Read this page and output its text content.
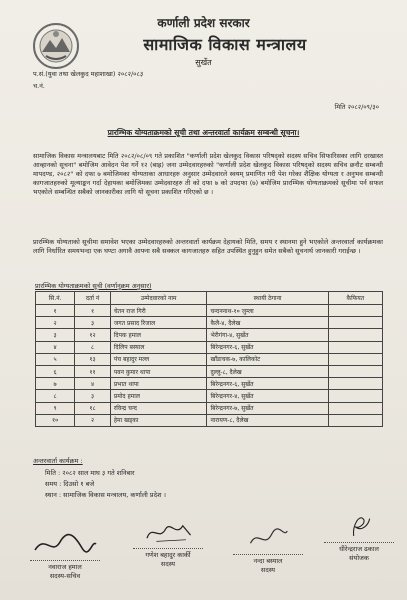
कर्णाली प्रदेश सरकार
सामाजिक विकास मन्त्रालय
सुर्खेत
प.सं.(युवा तथा खेलकुद महाशाखा) २०८२/०८३
च.नं.
मिति २०८२/०९/३०
प्रारम्भिक योग्यताक्रमको सूची तथा अन्तरवार्ता कार्यक्रम सम्बन्धी सूचना।
सामाजिक विकास मन्त्रालयबाट मिति २०८२/०८/०९ गते प्रकाशित "कर्णाली प्रदेश खेलकुद विकास परिषद्को सदस्य सचिव सिफारिसका लागि दरखास्त आव्हानको सूचना" बमोजिम आवेदन पेश गर्ने १२ (बाह्र) जना उम्मेदवारहरुको "कर्णाली प्रदेश खेलकुद विकास परिषद्को सदस्य सचिव छनौट सम्बन्धी मापदण्ड, २०८२" को दफा ७ बमोजिमका योग्यताका आधारहरु अनुसार उम्मेदवारले स्वयम् प्रमाणित गरी पेश गरेका शैक्षिक योग्यता र अनुभव सम्बन्धी कागजातहरुको मूल्याङ्कन गर्दा देहायका बमोजिमका उम्मेदवारहरु ती को दफा ७ को उपदफा (७) बमोजिम प्रारम्भिक योग्यताक्रमको सूचीमा पर्न सफल भएकोले सम्बन्धित सबैको जानकारीका लागि यो सूचना प्रकाशित गरिएको छ ।
प्रारम्भिक योग्यताको सूचीमा समावेश भएका उम्मेदवारहरुको अन्तरवार्ता कार्यक्रम देहायको मिति, समय र स्थानमा हुने भएकोले अन्तरवार्ता कार्यक्रमका लागि निर्धारित समयभन्दा एक घण्टा अगावै आफ्ना सबै सक्कल कागजातहरु सहित उपस्थित हुनुहुन समेत सबैको सूचनार्थ जानकारी गराईन्छ ।
प्रारम्भिक योग्यताक्रमको सूची (वर्णानुक्रम अनुसार)
सि.नं.	दर्ता नं	उम्मेदवारको नाम	स्थायी ठेगाना	कैफियत
१	१	चेतन राज गिरी	चन्दननाथ-१० जुम्ला	
२	३	जगत प्रसाद रिजाल	कैलै-४, दैलेख	
३	१२	दिपक हमाल	भेरीगंगा-४, सुर्खेत	
४	८	दिलिप बस्याल	बिरेन्द्रनगर-६, सुर्खेत	
५	१३	पंच बहादुर मल्ल	खाँडाचक-७, कालिकोट	
६	११	पवन कुमार थापा	दुल्लु-८, दैलेख	
७	४	प्रभात थापा	बिरेन्द्रनगर-६, सुर्खेत	
८	३	प्रमोद हमाल	बिरेन्द्रनगर-४, सुर्खेत	
९	१८	रविन्द्र चन्द	बिरेन्द्रनगर-७, सुर्खेत	
१०	२	हेमा खड्का	नारायण-८, दैलेख	
अन्तरवार्ता कार्यक्रम :
मिति : २०८२ साल माघ ३ गते शनिबार
समय : दिउसो १ बजे
स्थान : सामाजिक विकास मन्त्रालय, कर्णाली प्रदेश ।
नवाराज हमाल
सदस्य-सचिव
गणेश बहादुर कार्की
सदस्य	नन्दा बस्याल
सदस्य
धीरेन्द्रराज ढकाल
संयोजक
